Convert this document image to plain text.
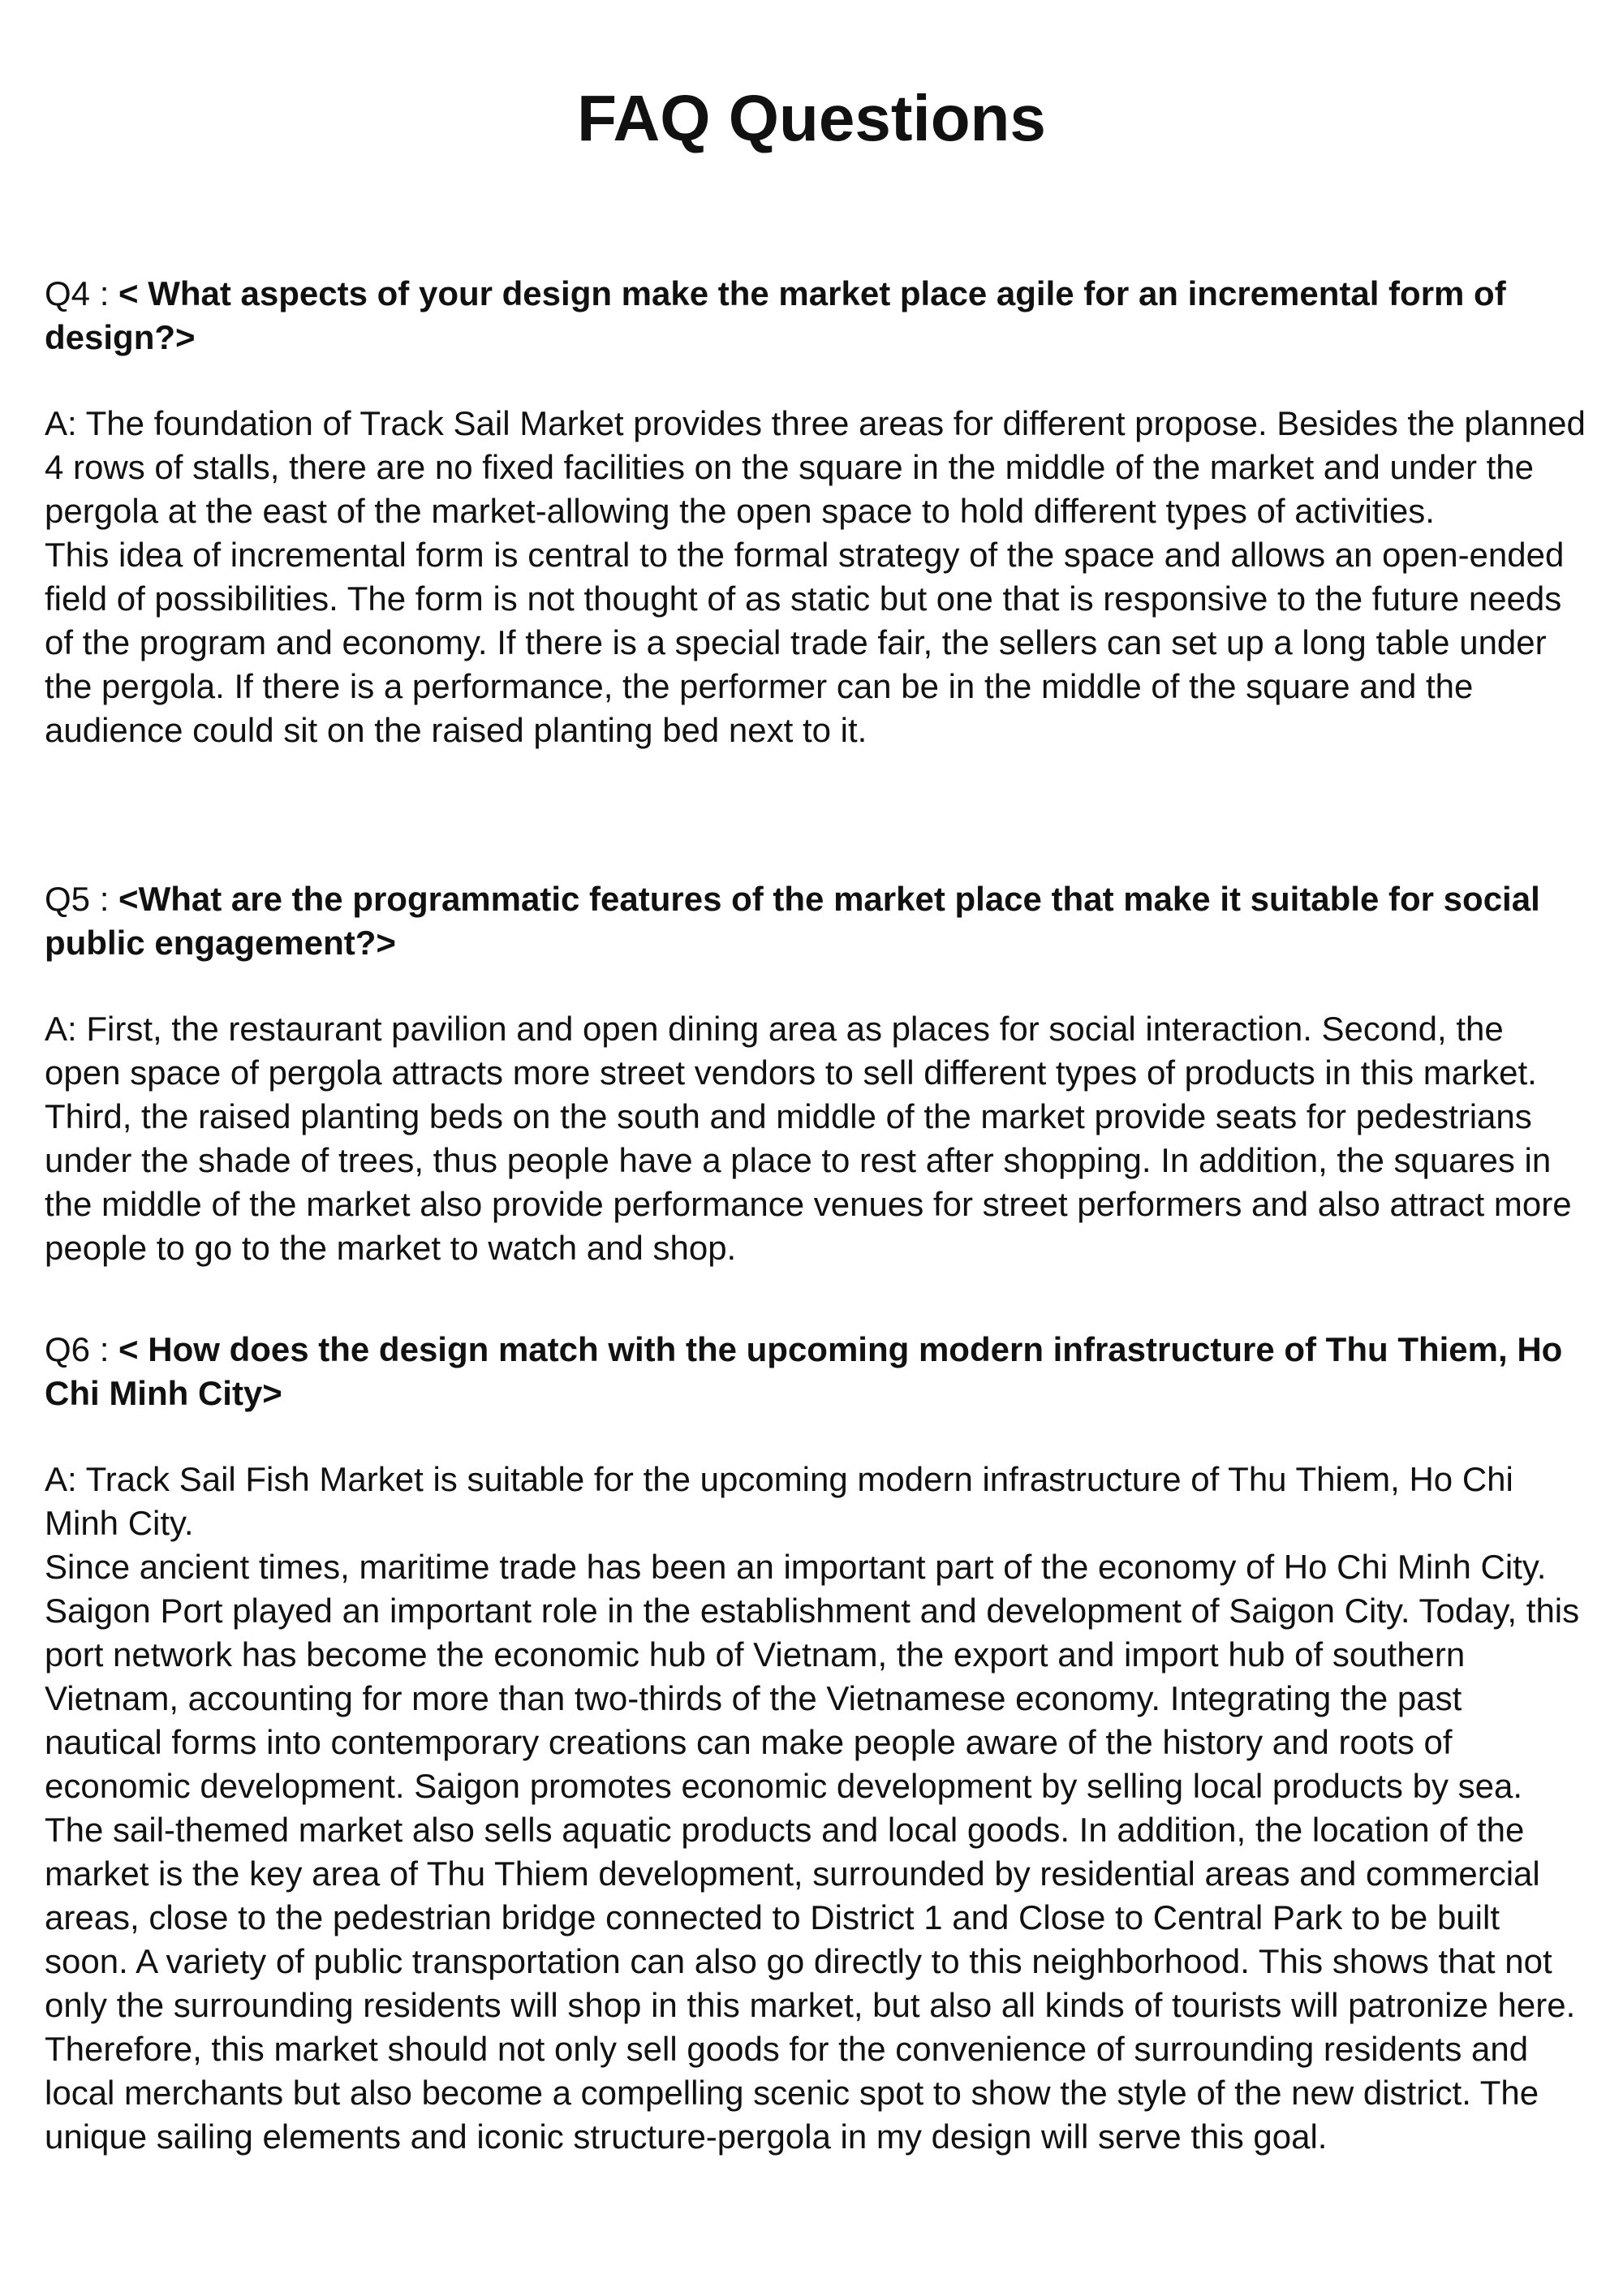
FAQ Questions

Q4 : < What aspects of your design make the market place agile for an incremental form of design?>

A: The foundation of Track Sail Market provides three areas for different propose. Besides the planned 4 rows of stalls, there are no fixed facilities on the square in the middle of the market and under the pergola at the east of the market-allowing the open space to hold different types of activities.

This idea of incremental form is central to the formal strategy of the space and allows an open-ended field of possibilities. The form is not thought of as static but one that is responsive to the future needs of the program and economy. If there is a special trade fair, the sellers can set up a long table under the pergola. If there is a performance, the performer can be in the middle of the square and the audience could sit on the raised planting bed next to it.

Q5 : <What are the programmatic features of the market place that make it suitable for social public engagement?>

A: First, the restaurant pavilion and open dining area as places for social interaction. Second, the open space of pergola attracts more street vendors to sell different types of products in this market. Third, the raised planting beds on the south and middle of the market provide seats for pedestrians under the shade of trees, thus people have a place to rest after shopping. In addition, the squares in the middle of the market also provide performance venues for street performers and also attract more people to go to the market to watch and shop.

Q6 : < How does the design match with the upcoming modern infrastructure of Thu Thiem, Ho Chi Minh City>

A: Track Sail Fish Market is suitable for the upcoming modern infrastructure of Thu Thiem, Ho Chi Minh City.

Since ancient times, maritime trade has been an important part of the economy of Ho Chi Minh City. Saigon Port played an important role in the establishment and development of Saigon City. Today, this port network has become the economic hub of Vietnam, the export and import hub of southern Vietnam, accounting for more than two-thirds of the Vietnamese economy. Integrating the past nautical forms into contemporary creations can make people aware of the history and roots of economic development. Saigon promotes economic development by selling local products by sea. The sail-themed market also sells aquatic products and local goods. In addition, the location of the market is the key area of Thu Thiem development, surrounded by residential areas and commercial areas, close to the pedestrian bridge connected to District 1 and Close to Central Park to be built soon. A variety of public transportation can also go directly to this neighborhood. This shows that not only the surrounding residents will shop in this market, but also all kinds of tourists will patronize here. Therefore, this market should not only sell goods for the convenience of surrounding residents and local merchants but also become a compelling scenic spot to show the style of the new district. The unique sailing elements and iconic structure-pergola in my design will serve this goal.
